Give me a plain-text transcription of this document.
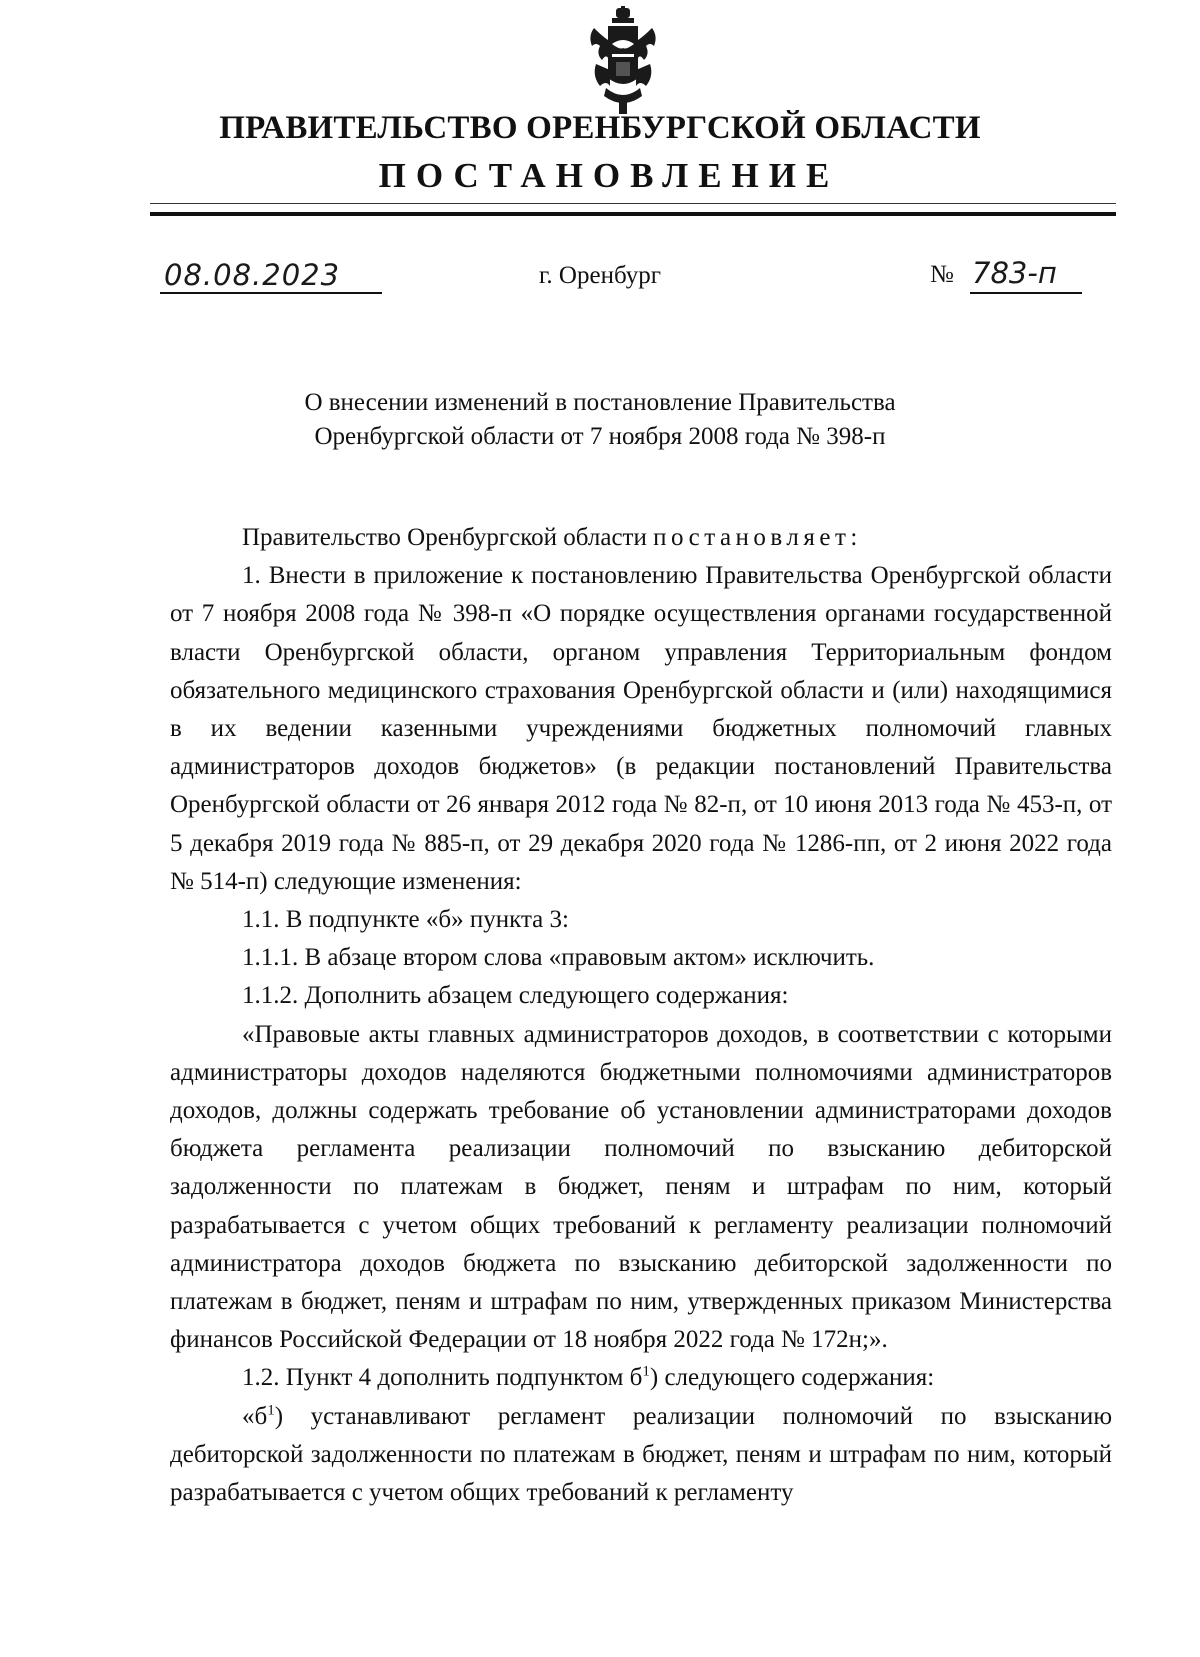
ПРАВИТЕЛЬСТВО ОРЕНБУРГСКОЙ ОБЛАСТИ
ПОСТАНОВЛЕНИЕ
08.08.2023	г. Оренбург	№ 783-п
О внесении изменений в постановление Правительства
Оренбургской области от 7 ноября 2008 года № 398-п

Правительство Оренбургской области постановляет:

1. Внести в приложение к постановлению Правительства Оренбургской области от 7 ноября 2008 года № 398-п «О порядке осуществления органами государственной власти Оренбургской области, органом управления Территориальным фондом обязательного медицинского страхования Оренбургской области и (или) находящимися в их ведении казенными учреждениями бюджетных полномочий главных администраторов доходов бюджетов» (в редакции постановлений Правительства Оренбургской области от 26 января 2012 года № 82-п, от 10 июня 2013 года № 453-п, от 5 декабря 2019 года № 885-п, от 29 декабря 2020 года № 1286-пп, от 2 июня 2022 года № 514-п) следующие изменения:

1.1. В подпункте «б» пункта 3:

1.1.1. В абзаце втором слова «правовым актом» исключить.

1.1.2. Дополнить абзацем следующего содержания:

«Правовые акты главных администраторов доходов, в соответствии с которыми администраторы доходов наделяются бюджетными полномочиями администраторов доходов, должны содержать требование об установлении администраторами доходов бюджета регламента реализации полномочий по взысканию дебиторской задолженности по платежам в бюджет, пеням и штрафам по ним, который разрабатывается с учетом общих требований к регламенту реализации полномочий администратора доходов бюджета по взысканию дебиторской задолженности по платежам в бюджет, пеням и штрафам по ним, утвержденных приказом Министерства финансов Российской Федерации от 18 ноября 2022 года № 172н;».

1.2. Пункт 4 дополнить подпунктом $б^1$) следующего содержания:

«$б^1$) устанавливают регламент реализации полномочий по взысканию дебиторской задолженности по платежам в бюджет, пеням и штрафам по ним, который разрабатывается с учетом общих требований к регламенту
